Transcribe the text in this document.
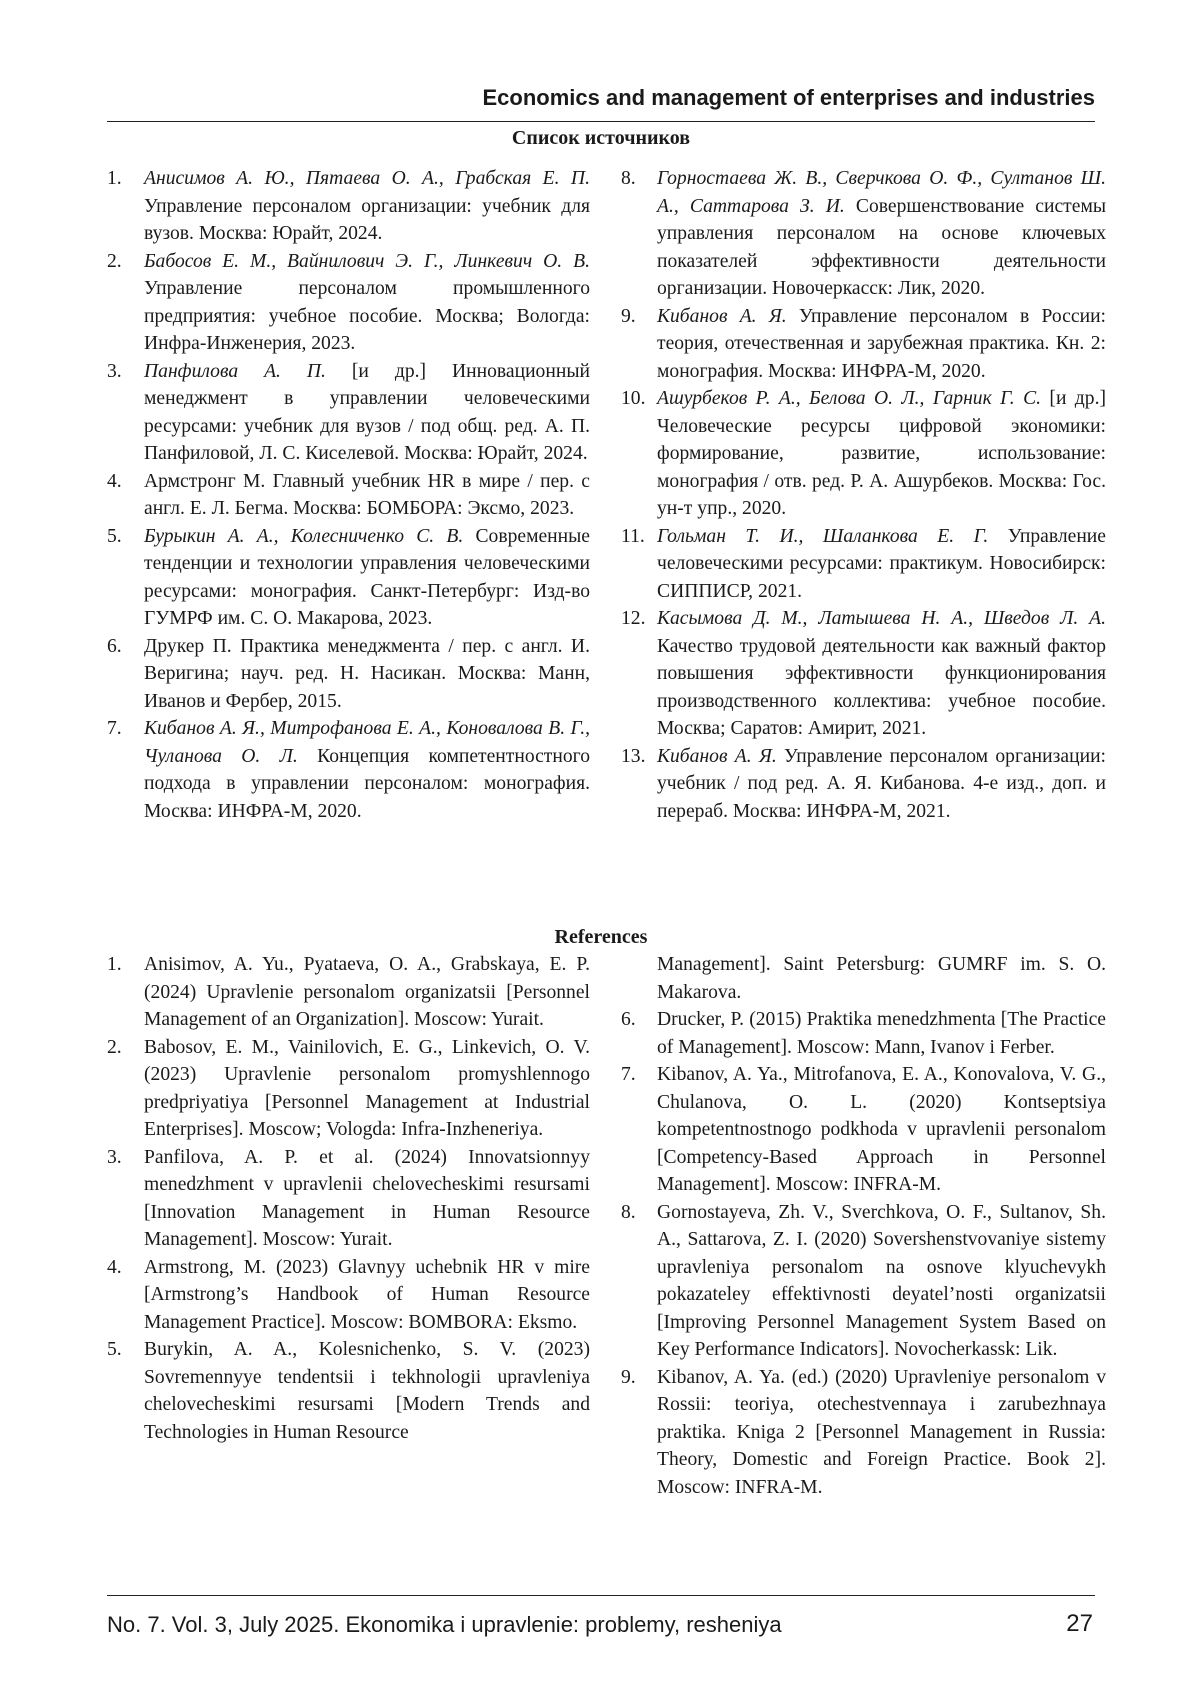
Economics and management of enterprises and industries
Список источников
1. Анисимов А. Ю., Пятаева О. А., Грабская Е. П. Управление персоналом организации: учебник для вузов. Москва: Юрайт, 2024.
2. Бабосов Е. М., Вайнилович Э. Г., Линкевич О. В. Управление персоналом промышленного предприятия: учебное пособие. Москва; Вологда: Инфра-Инженерия, 2023.
3. Панфилова А. П. [и др.] Инновационный менеджмент в управлении человеческими ресурсами: учебник для вузов / под общ. ред. А. П. Панфиловой, Л. С. Киселевой. Москва: Юрайт, 2024.
4. Армстронг М. Главный учебник HR в мире / пер. с англ. Е. Л. Бегма. Москва: БОМБОРА: Эксмо, 2023.
5. Бурыкин А. А., Колесниченко С. В. Современные тенденции и технологии управления человеческими ресурсами: монография. Санкт-Петербург: Изд-во ГУМРФ им. С. О. Макарова, 2023.
6. Друкер П. Практика менеджмента / пер. с англ. И. Веригина; науч. ред. Н. Насикан. Москва: Манн, Иванов и Фербер, 2015.
7. Кибанов А. Я., Митрофанова Е. А., Коновалова В. Г., Чуланова О. Л. Концепция компетентностного подхода в управлении персоналом: монография. Москва: ИНФРА-М, 2020.
8. Горностаева Ж. В., Сверчкова О. Ф., Султанов Ш. А., Саттарова З. И. Совершенствование системы управления персоналом на основе ключевых показателей эффективности деятельности организации. Новочеркасск: Лик, 2020.
9. Кибанов А. Я. Управление персоналом в России: теория, отечественная и зарубежная практика. Кн. 2: монография. Москва: ИНФРА-М, 2020.
10. Ашурбеков Р. А., Белова О. Л., Гарник Г. С. [и др.] Человеческие ресурсы цифровой экономики: формирование, развитие, использование: монография / отв. ред. Р. А. Ашурбеков. Москва: Гос. ун-т упр., 2020.
11. Гольман Т. И., Шаланкова Е. Г. Управление человеческими ресурсами: практикум. Новосибирск: СИППИСР, 2021.
12. Касымова Д. М., Латышева Н. А., Шведов Л. А. Качество трудовой деятельности как важный фактор повышения эффективности функционирования производственного коллектива: учебное пособие. Москва; Саратов: Амирит, 2021.
13. Кибанов А. Я. Управление персоналом организации: учебник / под ред. А. Я. Кибанова. 4-е изд., доп. и перераб. Москва: ИНФРА-М, 2021.
References
1. Anisimov, A. Yu., Pyataeva, O. A., Grabskaya, E. P. (2024) Upravlenie personalom organizatsii [Personnel Management of an Organization]. Moscow: Yurait.
2. Babosov, E. M., Vainilovich, E. G., Linkevich, O. V. (2023) Upravlenie personalom promyshlennogo predpriyatiya [Personnel Management at Industrial Enterprises]. Moscow; Vologda: Infra-Inzheneriya.
3. Panfilova, A. P. et al. (2024) Innovatsionnyy menedzhment v upravlenii chelovecheskimi resursami [Innovation Management in Human Resource Management]. Moscow: Yurait.
4. Armstrong, M. (2023) Glavnyy uchebnik HR v mire [Armstrong’s Handbook of Human Resource Management Practice]. Moscow: BOMBORA: Eksmo.
5. Burykin, A. A., Kolesnichenko, S. V. (2023) Sovremennyye tendentsii i tekhnologii upravleniya chelovecheskimi resursami [Modern Trends and Technologies in Human Resource
Management]. Saint Petersburg: GUMRF im. S. O. Makarova.
6. Drucker, P. (2015) Praktika menedzhmenta [The Practice of Management]. Moscow: Mann, Ivanov i Ferber.
7. Kibanov, A. Ya., Mitrofanova, E. A., Konovalova, V. G., Chulanova, O. L. (2020) Kontseptsiya kompetentnostnogo podkhoda v upravlenii personalom [Competency-Based Approach in Personnel Management]. Moscow: INFRA-M.
8. Gornostayeva, Zh. V., Sverchkova, O. F., Sultanov, Sh. A., Sattarova, Z. I. (2020) Sovershenstvovaniye sistemy upravleniya personalom na osnove klyuchevykh pokazateley effektivnosti deyatel’nosti organizatsii [Improving Personnel Management System Based on Key Performance Indicators]. Novocherkassk: Lik.
9. Kibanov, A. Ya. (ed.) (2020) Upravleniye personalom v Rossii: teoriya, otechestvennaya i zarubezhnaya praktika. Kniga 2 [Personnel Management in Russia: Theory, Domestic and Foreign Practice. Book 2]. Moscow: INFRA-M.
No. 7. Vol. 3, July 2025. Ekonomika i upravlenie: problemy, resheniya	27
